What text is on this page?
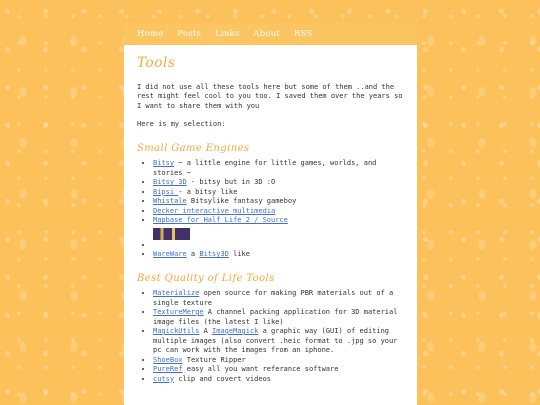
Home Posts Links About RSS
Tools

I did not use all these tools here but some of them ..and the rest might feel cool to you too. I saved them over the years so I want to share them with you

Here is my selection:

Small Game Engines
• Bitsy ~ a little engine for little games, worlds, and stories ~
• Bitsy 3D - bitsy but in 3D :O
• Bipsi - a bitsy like
• Whistale Bitsylike fantasy gameboy
• Decker interactive multimedia
• Mapbase for Half Life 2 / Source

•
• WareWare a Bitsy3D like
Best Quality of Life Tools
• Materialize open source for making PBR materials out of a single texture
• TextureMerge A channel packing application for 3D material image files (the latest I like)
• MagickUtils A ImageMagick a graphic way (GUI) of editing multiple images (also convert .heic format to .jpg so your pc can work with the images from an iphone.
• ShoeBox Texture Ripper
• PureRef easy all you want referance software
• cutsy clip and covert videos
